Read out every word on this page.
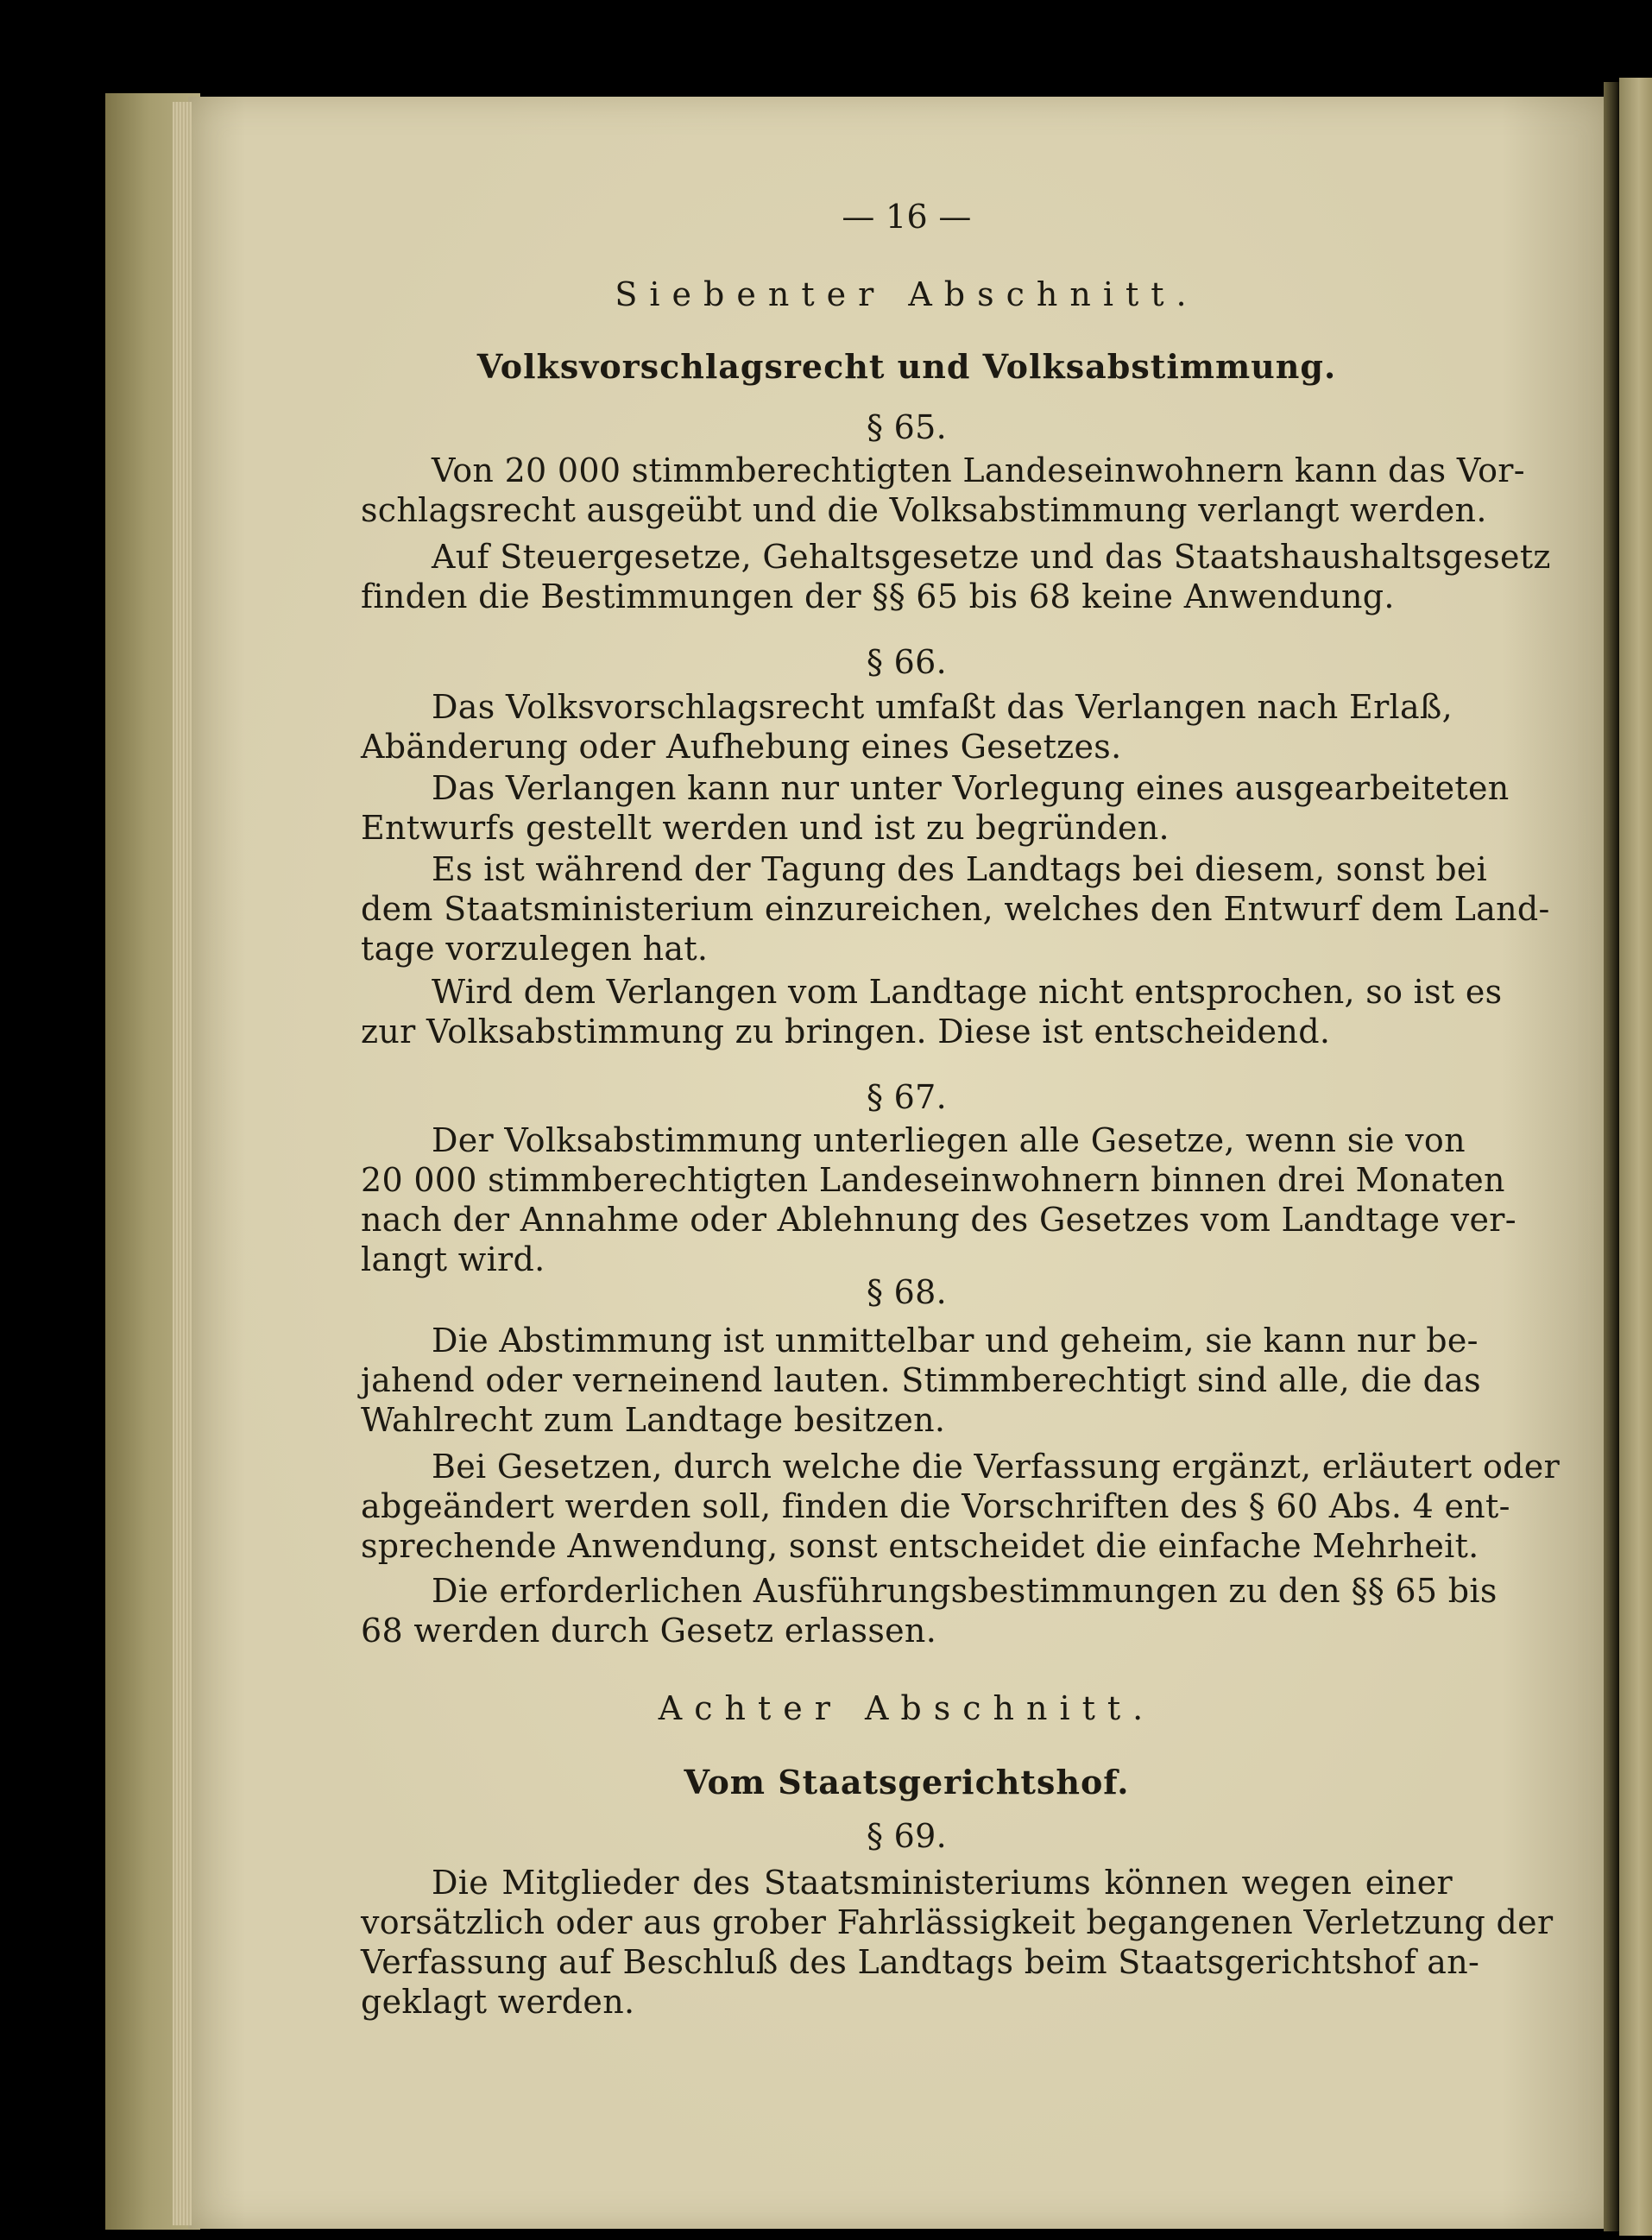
— 16 —
Siebenter Abschnitt.
Volksvorschlagsrecht und Volksabstimmung.
§ 65.
Von 20 000 stimmberechtigten Landeseinwohnern kann das Vor-
schlagsrecht ausgeübt und die Volksabstimmung verlangt werden.
Auf Steuergesetze, Gehaltsgesetze und das Staatshaushaltsgesetz
finden die Bestimmungen der §§ 65 bis 68 keine Anwendung.
§ 66.
Das Volksvorschlagsrecht umfaßt das Verlangen nach Erlaß,
Abänderung oder Aufhebung eines Gesetzes.
Das Verlangen kann nur unter Vorlegung eines ausgearbeiteten
Entwurfs gestellt werden und ist zu begründen.
Es ist während der Tagung des Landtags bei diesem, sonst bei
dem Staatsministerium einzureichen, welches den Entwurf dem Land-
tage vorzulegen hat.
Wird dem Verlangen vom Landtage nicht entsprochen, so ist es
zur Volksabstimmung zu bringen. Diese ist entscheidend.
§ 67.
Der Volksabstimmung unterliegen alle Gesetze, wenn sie von
20 000 stimmberechtigten Landeseinwohnern binnen drei Monaten
nach der Annahme oder Ablehnung des Gesetzes vom Landtage ver-
langt wird.
§ 68.
Die Abstimmung ist unmittelbar und geheim, sie kann nur be-
jahend oder verneinend lauten. Stimmberechtigt sind alle, die das
Wahlrecht zum Landtage besitzen.
Bei Gesetzen, durch welche die Verfassung ergänzt, erläutert oder
abgeändert werden soll, finden die Vorschriften des § 60 Abs. 4 ent-
sprechende Anwendung, sonst entscheidet die einfache Mehrheit.
Die erforderlichen Ausführungsbestimmungen zu den §§ 65 bis
68 werden durch Gesetz erlassen.
Achter Abschnitt.
Vom Staatsgerichtshof.
§ 69.
Die Mitglieder des Staatsministeriums können wegen einer
vorsätzlich oder aus grober Fahrlässigkeit begangenen Verletzung der
Verfassung auf Beschluß des Landtags beim Staatsgerichtshof an-
geklagt werden.
